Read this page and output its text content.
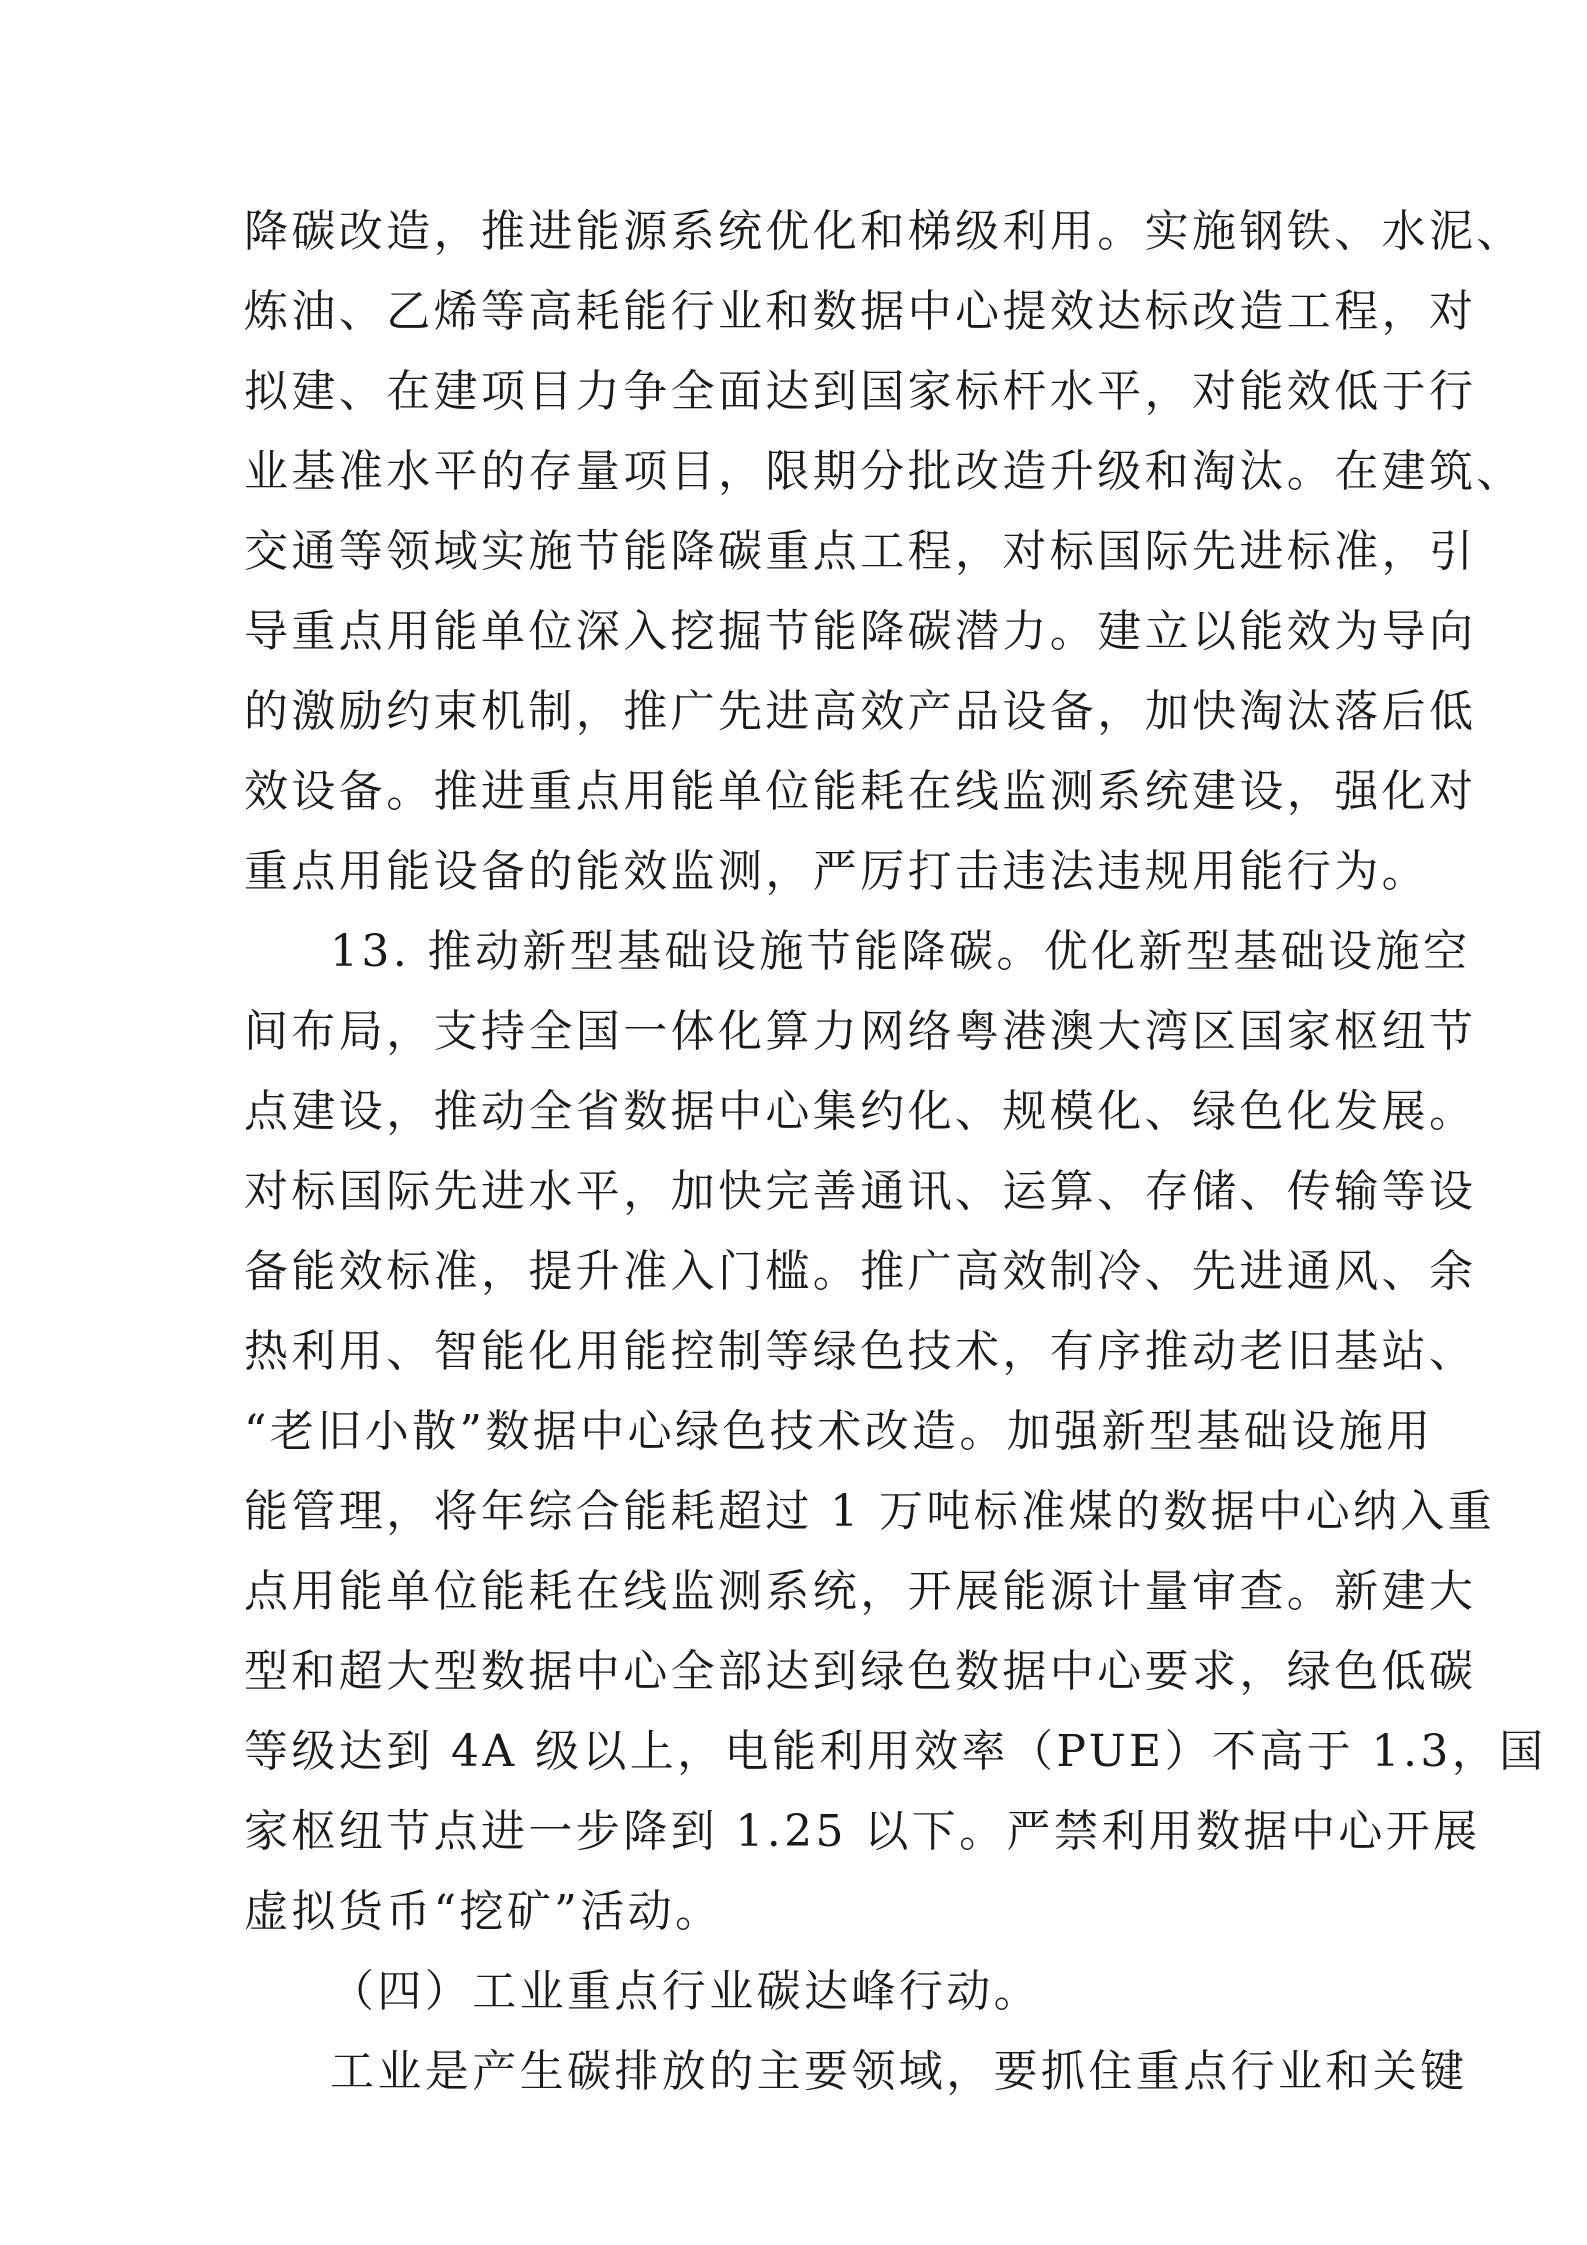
降碳改造，推进能源系统优化和梯级利用。实施钢铁、水泥、
炼油、乙烯等高耗能行业和数据中心提效达标改造工程，对
拟建、在建项目力争全面达到国家标杆水平，对能效低于行
业基准水平的存量项目，限期分批改造升级和淘汰。在建筑、
交通等领域实施节能降碳重点工程，对标国际先进标准，引
导重点用能单位深入挖掘节能降碳潜力。建立以能效为导向
的激励约束机制，推广先进高效产品设备，加快淘汰落后低
效设备。推进重点用能单位能耗在线监测系统建设，强化对
重点用能设备的能效监测，严厉打击违法违规用能行为。
13. 推动新型基础设施节能降碳。优化新型基础设施空
间布局，支持全国一体化算力网络粤港澳大湾区国家枢纽节
点建设，推动全省数据中心集约化、规模化、绿色化发展。
对标国际先进水平，加快完善通讯、运算、存储、传输等设
备能效标准，提升准入门槛。推广高效制冷、先进通风、余
热利用、智能化用能控制等绿色技术，有序推动老旧基站、
“老旧小散”数据中心绿色技术改造。加强新型基础设施用
能管理，将年综合能耗超过 1 万吨标准煤的数据中心纳入重
点用能单位能耗在线监测系统，开展能源计量审查。新建大
型和超大型数据中心全部达到绿色数据中心要求，绿色低碳
等级达到 4A 级以上，电能利用效率（PUE）不高于 1.3，国
家枢纽节点进一步降到 1.25 以下。严禁利用数据中心开展
虚拟货币“挖矿”活动。
（四）工业重点行业碳达峰行动。
工业是产生碳排放的主要领域，要抓住重点行业和关键
